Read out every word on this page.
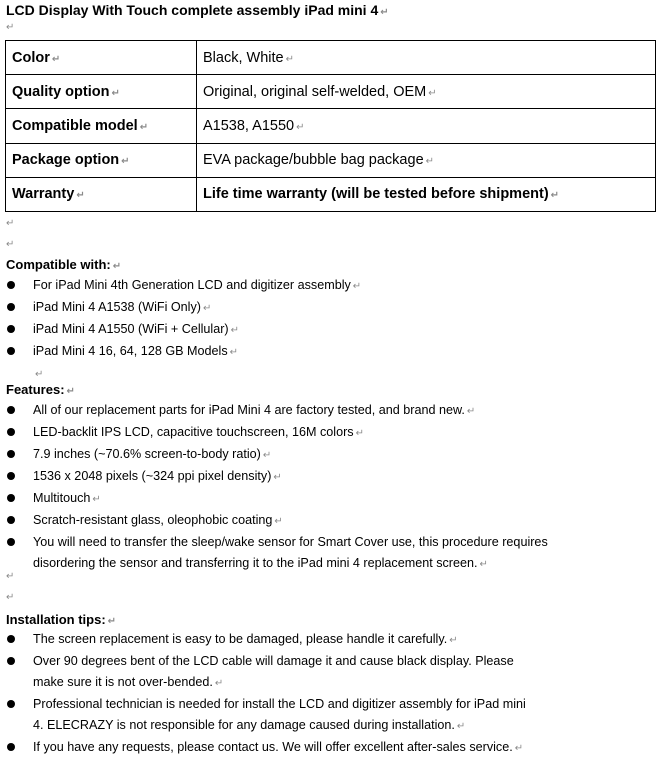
LCD Display With Touch complete assembly iPad mini 4 ↵
↵
Color ↵	Black, White ↵
Quality option ↵	Original, original self-welded, OEM ↵
Compatible model ↵	A1538, A1550 ↵
Package option ↵	EVA package/bubble bag package ↵
Warranty ↵	Life time warranty (will be tested before shipment) ↵
↵
↵
Compatible with: ↵
For iPad Mini 4th Generation LCD and digitizer assembly ↵
iPad Mini 4 A1538 (WiFi Only) ↵
iPad Mini 4 A1550 (WiFi + Cellular) ↵
iPad Mini 4 16, 64, 128 GB Models ↵
↵
Features: ↵
All of our replacement parts for iPad Mini 4 are factory tested, and brand new. ↵
LED-backlit IPS LCD, capacitive touchscreen, 16M colors ↵
7.9 inches (~70.6% screen-to-body ratio) ↵
1536 x 2048 pixels (~324 ppi pixel density) ↵
Multitouch ↵
Scratch-resistant glass, oleophobic coating ↵
You will need to transfer the sleep/wake sensor for Smart Cover use, this procedure requires
disordering the sensor and transferring it to the iPad mini 4 replacement screen. ↵
↵
↵
Installation tips: ↵
The screen replacement is easy to be damaged, please handle it carefully. ↵
Over 90 degrees bent of the LCD cable will damage it and cause black display. Please
make sure it is not over-bended. ↵
Professional technician is needed for install the LCD and digitizer assembly for iPad mini
4. ELECRAZY is not responsible for any damage caused during installation. ↵
If you have any requests, please contact us. We will offer excellent after-sales service. ↵
